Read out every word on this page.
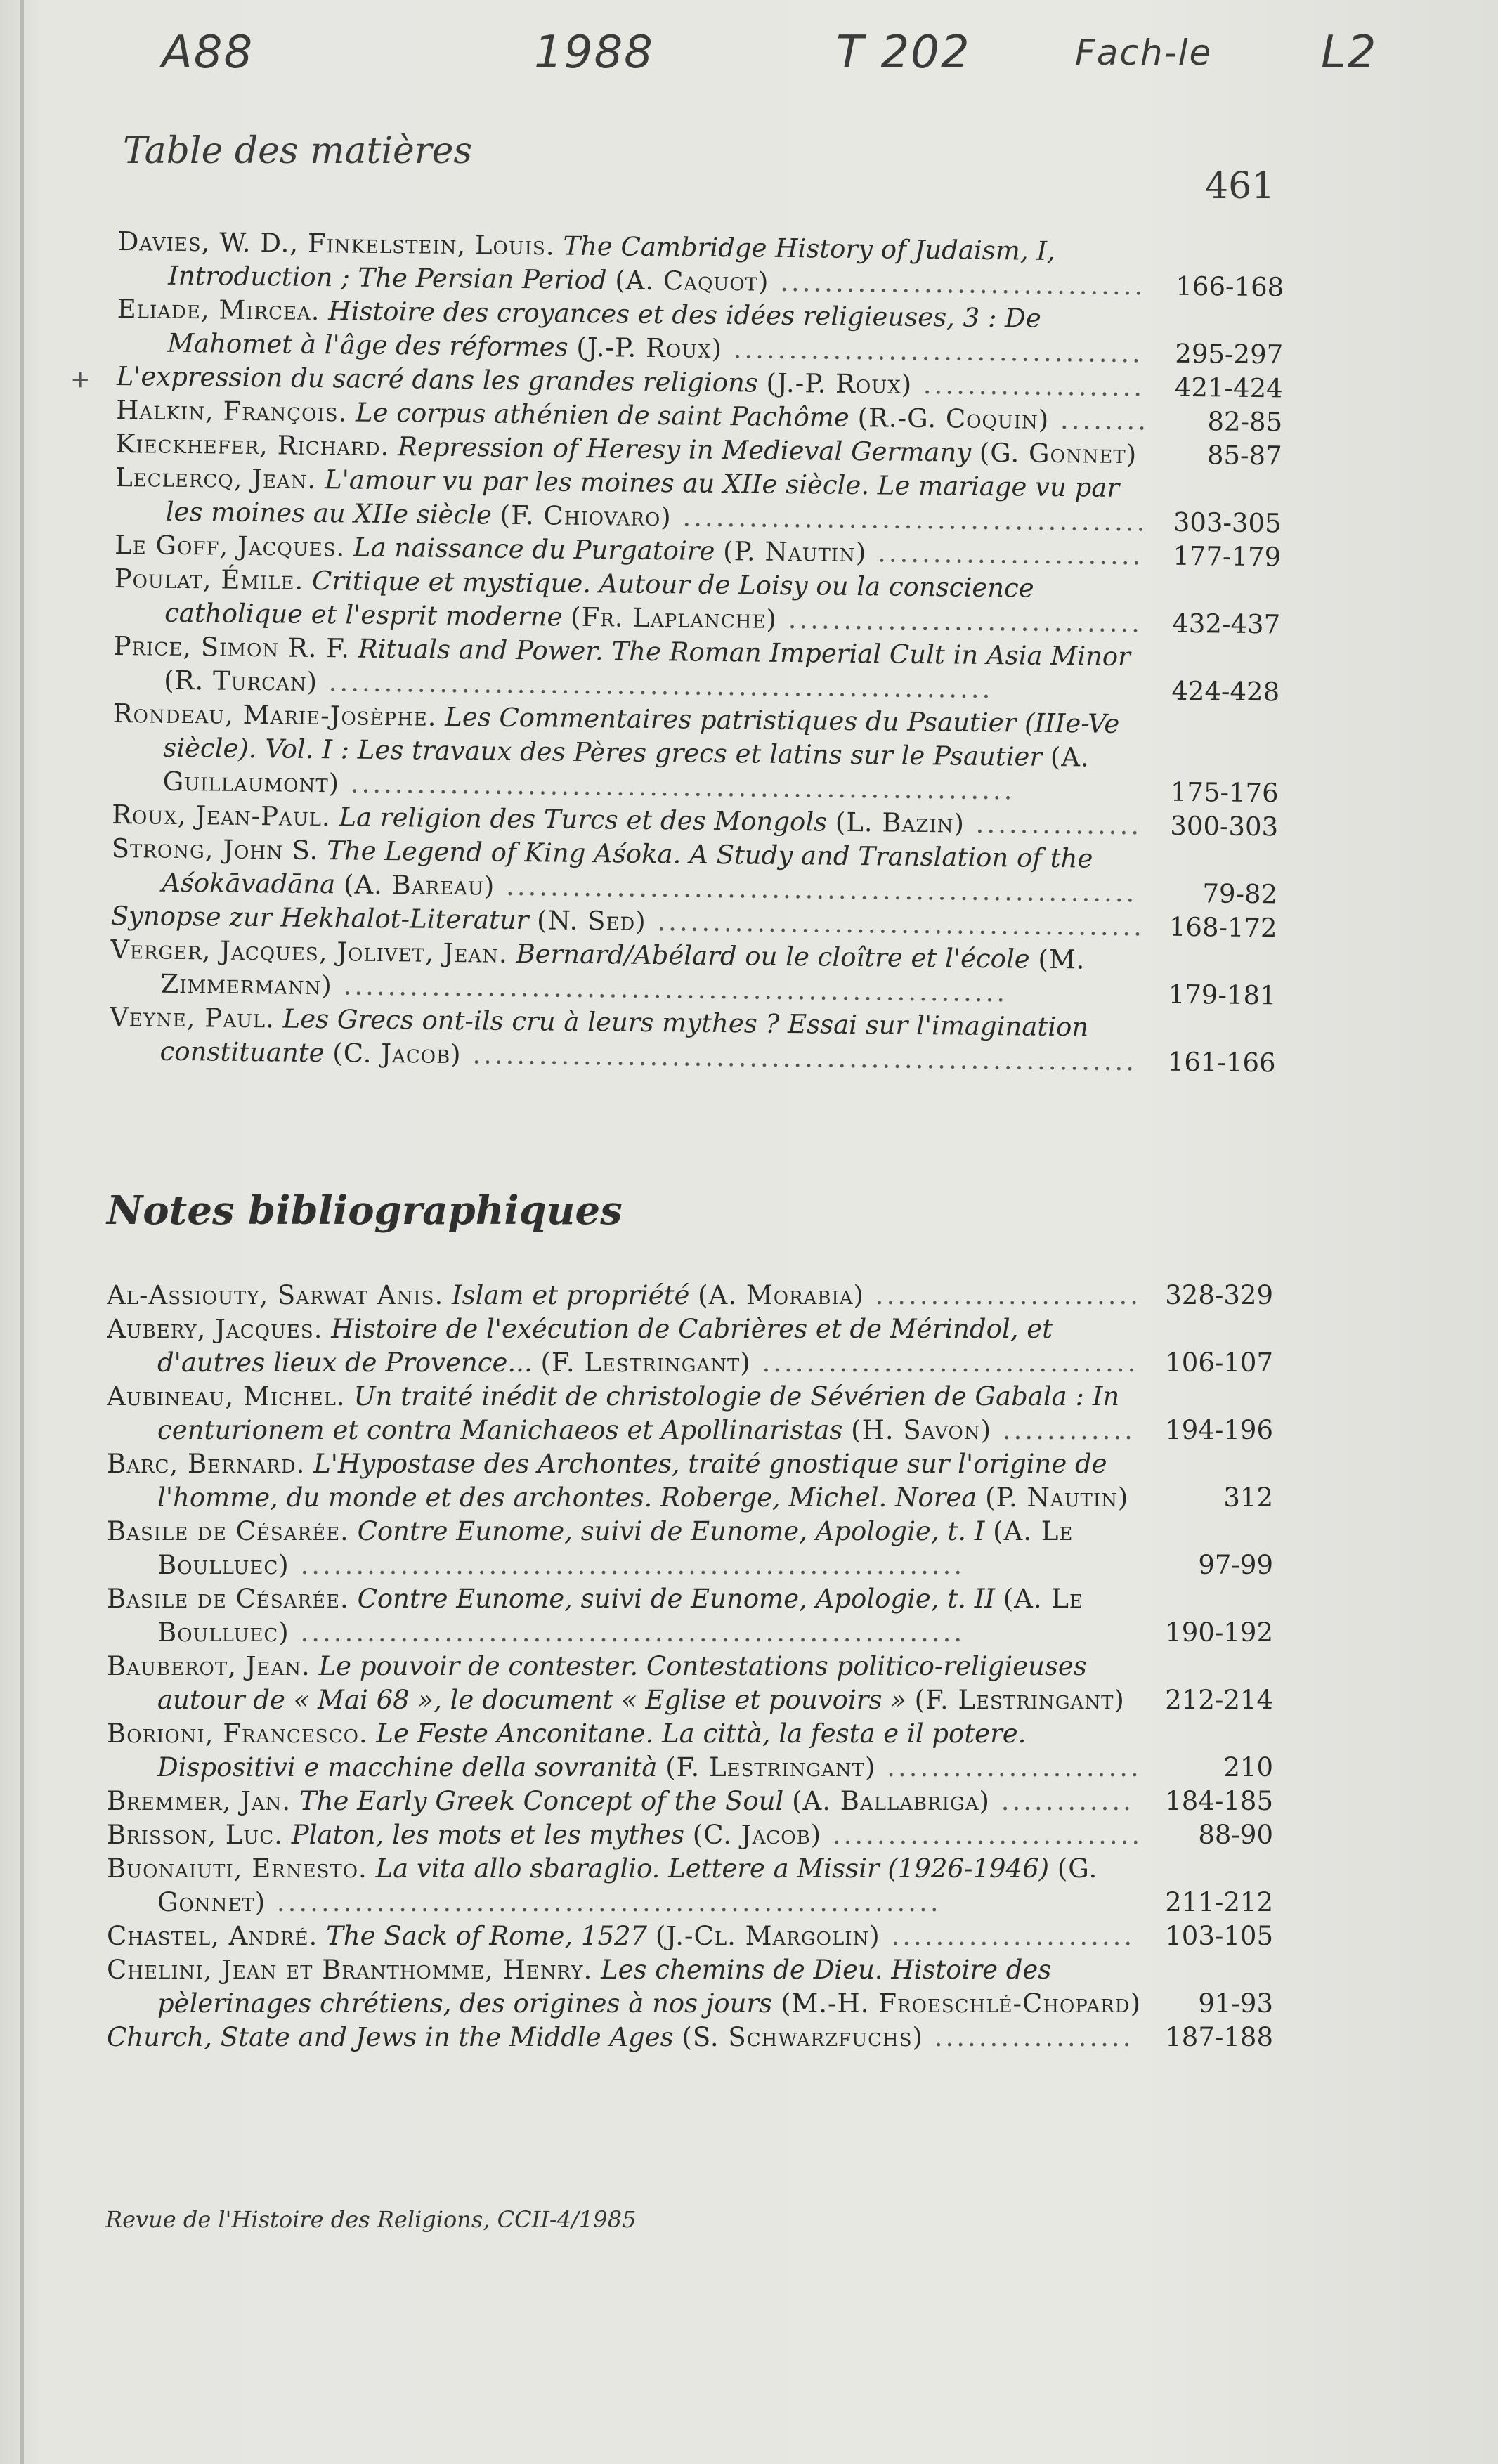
A88	1988	T 202	Fach-le L2
Table des matières
461
+
Davies, W. D., Finkelstein, Louis. The Cambridge History of Judaism, I, Introduction ; The Persian Period (A. Caquot) .................................	166-168
Eliade, Mircea. Histoire des croyances et des idées religieuses, 3 : De Mahomet à l'âge des réformes (J.-P. Roux) .....................................	295-297
L'expression du sacré dans les grandes religions (J.-P. Roux) ....................	421-424
Halkin, François. Le corpus athénien de saint Pachôme (R.-G. Coquin) ........	82-85
Kieckhefer, Richard. Repression of Heresy in Medieval Germany (G. Gonnet)	85-87
Leclercq, Jean. L'amour vu par les moines au XIIe siècle. Le mariage vu par les moines au XIIe siècle (F. Chiovaro) .......................................... 303-305
Le Goff, Jacques. La naissance du Purgatoire (P. Nautin) ........................	177-179
Poulat, Émile. Critique et mystique. Autour de Loisy ou la conscience catholique et l'esprit moderne (Fr. Laplanche) ................................	432-437
Price, Simon R. F. Rituals and Power. The Roman Imperial Cult in Asia Minor (R. Turcan) ............................................................	424-428
Rondeau, Marie-Josèphe. Les Commentaires patristiques du Psautier (IIIe-Ve siècle). Vol. I : Les travaux des Pères grecs et latins sur le Psautier (A. Guillaumont) ............................................................	175-176
Roux, Jean-Paul. La religion des Turcs et des Mongols (L. Bazin) ...............	300-303
Strong, John S. The Legend of King Aśoka. A Study and Translation of the Aśokāvadāna (A. Bareau) .........................................................	79-82
Synopse zur Hekhalot-Literatur (N. Sed) ............................................ 168-172
Verger, Jacques, Jolivet, Jean. Bernard/Abélard ou le cloître et l'école (M. Zimmermann) ............................................................	179-181
Veyne, Paul. Les Grecs ont-ils cru à leurs mythes ? Essai sur l'imagination constituante (C. Jacob) ............................................................	161-166
Notes bibliographiques
Al-Assiouty, Sarwat Anis. Islam et propriété (A. Morabia) ........................ 328-329
Aubery, Jacques. Histoire de l'exécution de Cabrières et de Mérindol, et d'autres lieux de Provence... (F. Lestringant) ..................................	106-107
Aubineau, Michel. Un traité inédit de christologie de Sévérien de Gabala : In centurionem et contra Manichaeos et Apollinaristas (H. Savon) ............	194-196
Barc, Bernard. L'Hypostase des Archontes, traité gnostique sur l'origine de l'homme, du monde et des archontes. Roberge, Michel. Norea (P. Nautin)	312
Basile de Césarée. Contre Eunome, suivi de Eunome, Apologie, t. I (A. Le Boulluec) ............................................................	97-99
Basile de Césarée. Contre Eunome, suivi de Eunome, Apologie, t. II (A. Le Boulluec) ............................................................	190-192
Bauberot, Jean. Le pouvoir de contester. Contestations politico-religieuses autour de « Mai 68 », le document « Eglise et pouvoirs » (F. Lestringant)	212-214
Borioni, Francesco. Le Feste Anconitane. La città, la festa e il potere. Dispositivi e macchine della sovranità (F. Lestringant) .......................	210
Bremmer, Jan. The Early Greek Concept of the Soul (A. Ballabriga) ............	184-185
Brisson, Luc. Platon, les mots et les mythes (C. Jacob) ............................	88-90
Buonaiuti, Ernesto. La vita allo sbaraglio. Lettere a Missir (1926-1946) (G. Gonnet) ............................................................	211-212
Chastel, André. The Sack of Rome, 1527 (J.-Cl. Margolin) ......................	103-105
Chelini, Jean et Branthomme, Henry. Les chemins de Dieu. Histoire des pèlerinages chrétiens, des origines à nos jours (M.-H. Froeschlé-Chopard)	91-93
Church, State and Jews in the Middle Ages (S. Schwarzfuchs) ..................	187-188
Revue de l'Histoire des Religions, CCII-4/1985
